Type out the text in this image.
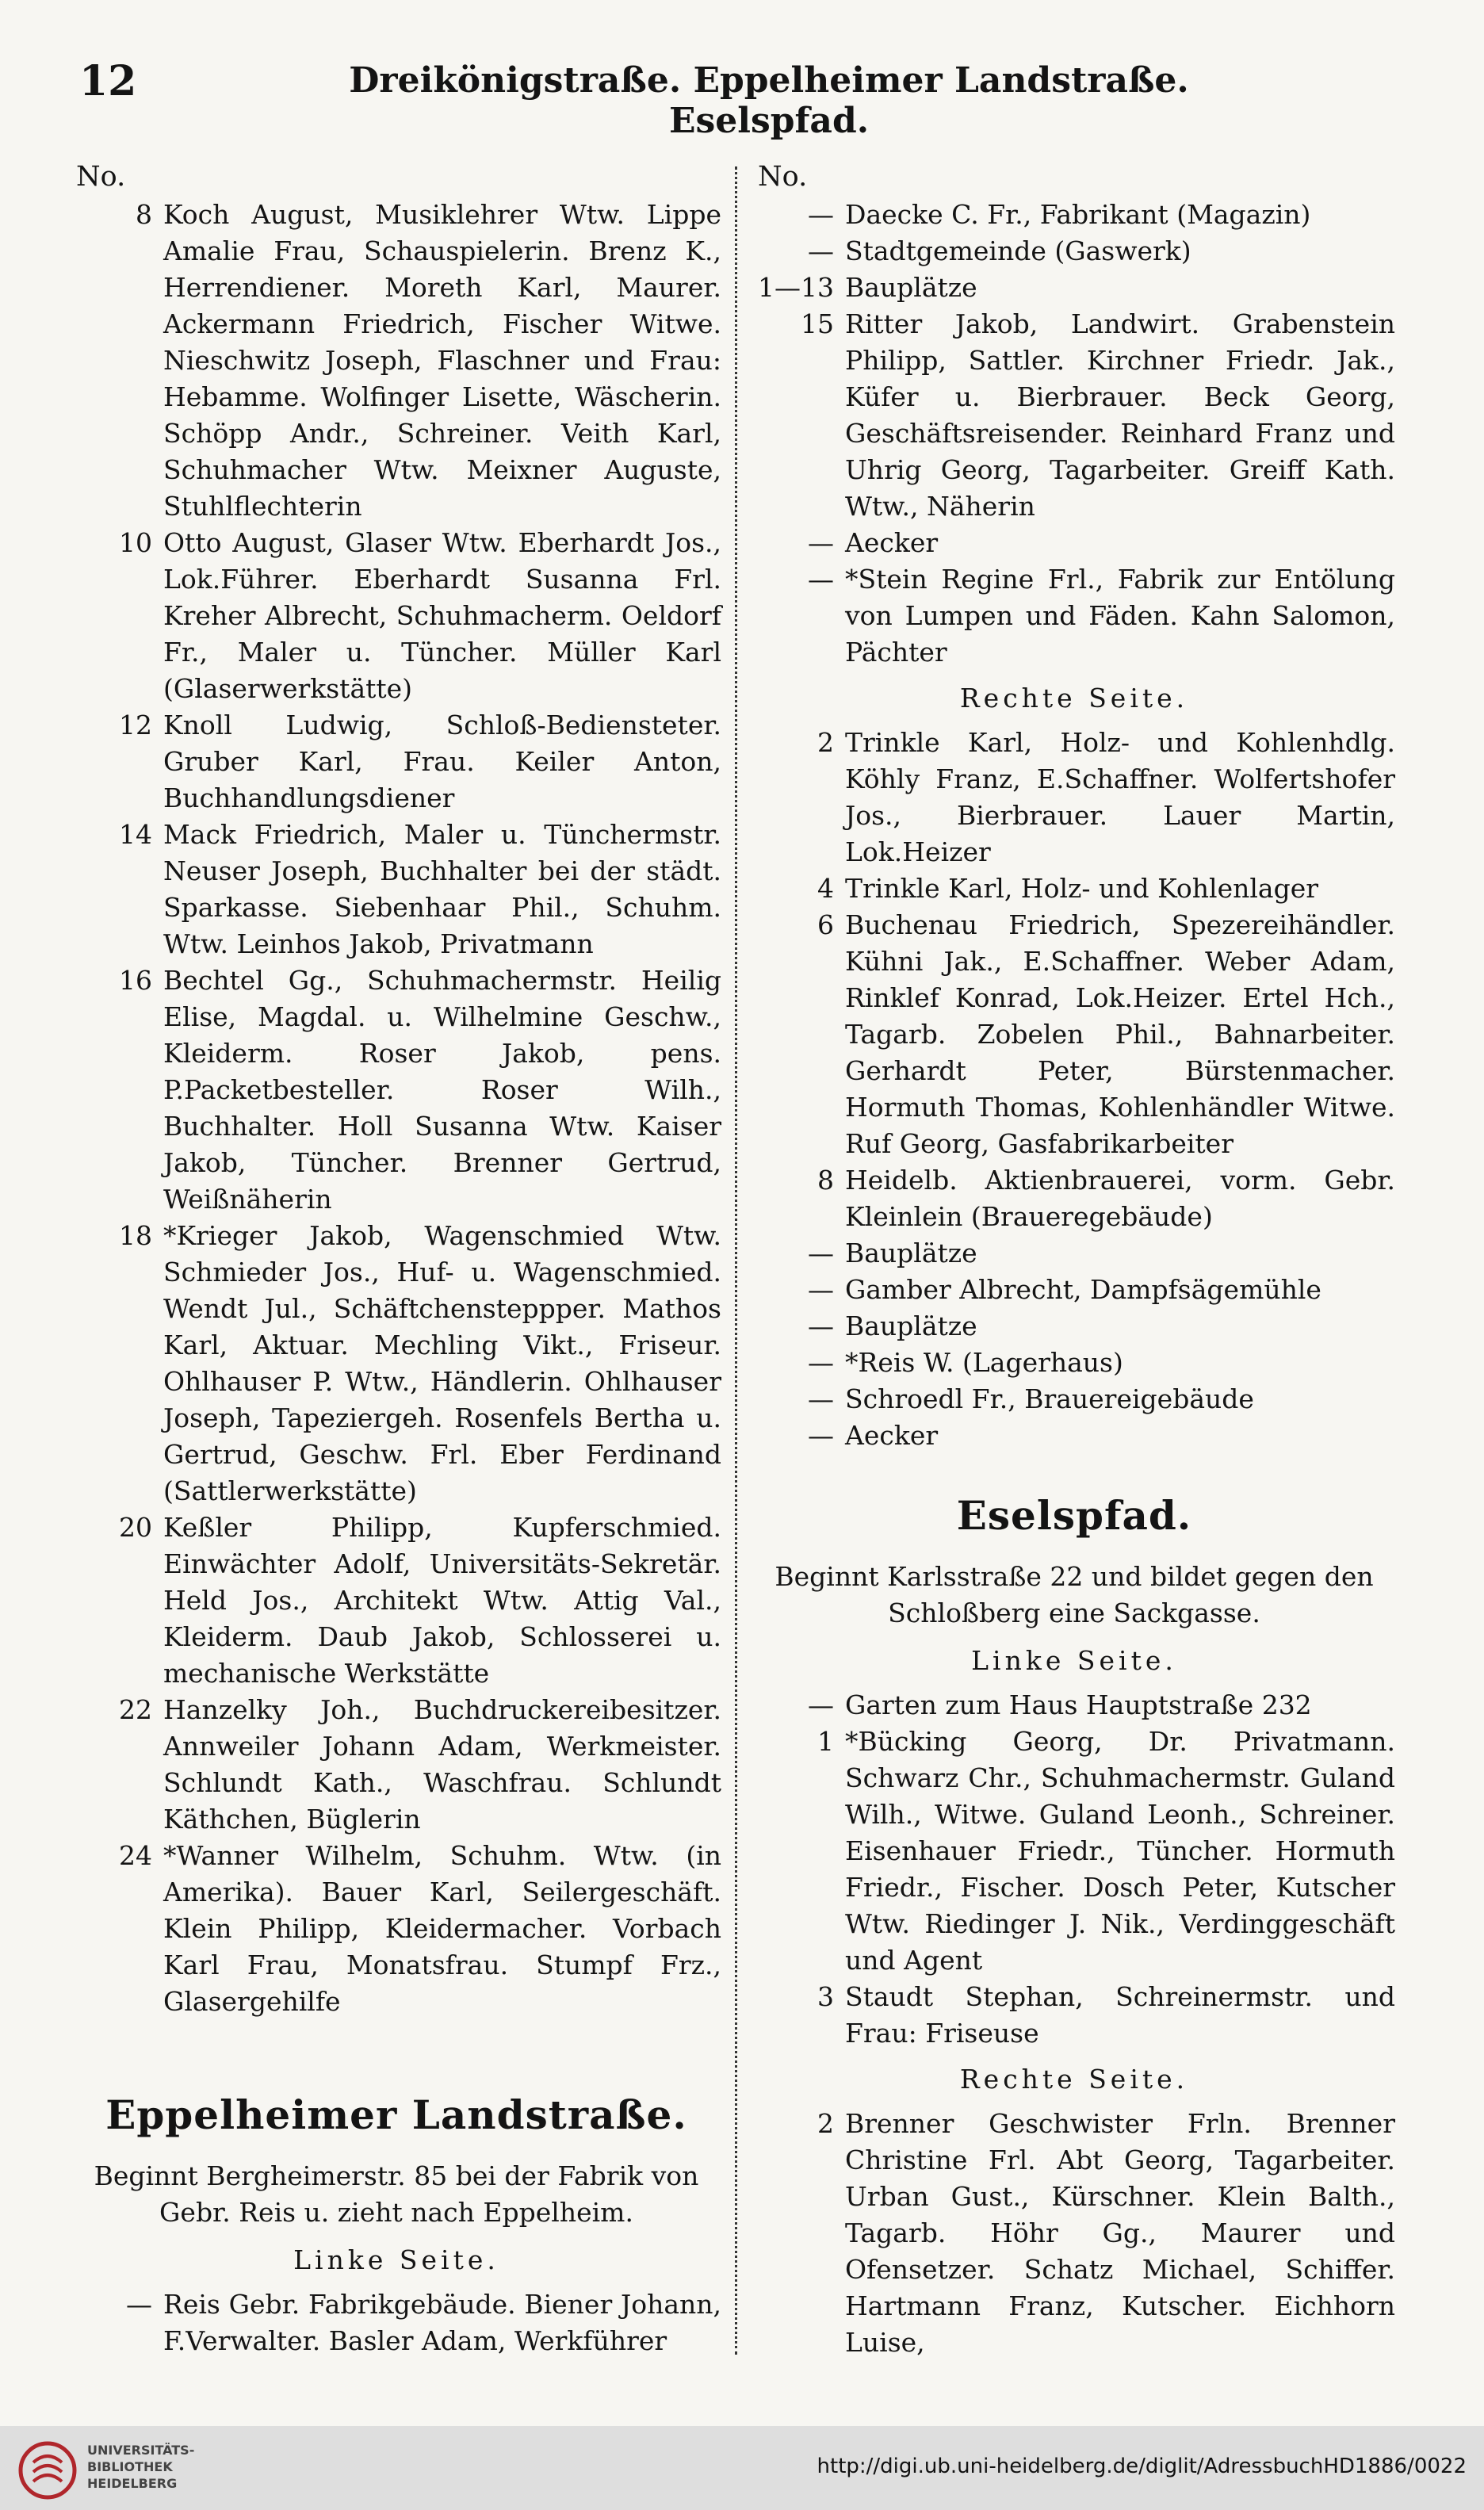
12	Dreikönigstraße. Eppelheimer Landstraße. Eselspfad.
No.
8 Koch August, Musiklehrer Wtw. Lippe Amalie Frau, Schauspielerin. Brenz K., Herrendiener. Moreth Karl, Maurer. Ackermann Friedrich, Fischer Witwe. Nieschwitz Joseph, Flaschner und Frau: Hebamme. Wolfinger Lisette, Wäscherin. Schöpp Andr., Schreiner. Veith Karl, Schuhmacher Wtw. Meixner Auguste, Stuhlflechterin
10 Otto August, Glaser Wtw. Eberhardt Jos., Lok.Führer. Eberhardt Susanna Frl. Kreher Albrecht, Schuhmacherm. Oeldorf Fr., Maler u. Tüncher. Müller Karl (Glaserwerkstätte)
12 Knoll Ludwig, Schloß-Bediensteter. Gruber Karl, Frau. Keiler Anton, Buchhandlungsdiener
14 Mack Friedrich, Maler u. Tünchermstr. Neuser Joseph, Buchhalter bei der städt. Sparkasse. Siebenhaar Phil., Schuhm. Wtw. Leinhos Jakob, Privatmann
16 Bechtel Gg., Schuhmachermstr. Heilig Elise, Magdal. u. Wilhelmine Geschw., Kleiderm. Roser Jakob, pens. P.Packetbesteller. Roser Wilh., Buchhalter. Holl Susanna Wtw. Kaiser Jakob, Tüncher. Brenner Gertrud, Weißnäherin
18 *Krieger Jakob, Wagenschmied Wtw. Schmieder Jos., Huf- u. Wagenschmied. Wendt Jul., Schäftchensteppper. Mathos Karl, Aktuar. Mechling Vikt., Friseur. Ohlhauser P. Wtw., Händlerin. Ohlhauser Joseph, Tapeziergeh. Rosenfels Bertha u. Gertrud, Geschw. Frl. Eber Ferdinand (Sattlerwerkstätte)
20 Keßler Philipp, Kupferschmied. Einwächter Adolf, Universitäts-Sekretär. Held Jos., Architekt Wtw. Attig Val., Kleiderm. Daub Jakob, Schlosserei u. mechanische Werkstätte
22 Hanzelky Joh., Buchdruckereibesitzer. Annweiler Johann Adam, Werkmeister. Schlundt Kath., Waschfrau. Schlundt Käthchen, Büglerin
24 *Wanner Wilhelm, Schuhm. Wtw. (in Amerika). Bauer Karl, Seilergeschäft. Klein Philipp, Kleidermacher. Vorbach Karl Frau, Monatsfrau. Stumpf Frz., Glasergehilfe
Eppelheimer Landstraße.
Beginnt Bergheimerstr. 85 bei der Fabrik von Gebr. Reis u. zieht nach Eppelheim.
Linke Seite.
— Reis Gebr. Fabrikgebäude. Biener Johann, F.Verwalter. Basler Adam, Werkführer
No.
— Daecke C. Fr., Fabrikant (Magazin)
— Stadtgemeinde (Gaswerk)
1—13 Bauplätze
15 Ritter Jakob, Landwirt. Grabenstein Philipp, Sattler. Kirchner Friedr. Jak., Küfer u. Bierbrauer. Beck Georg, Geschäftsreisender. Reinhard Franz und Uhrig Georg, Tagarbeiter. Greiff Kath. Wtw., Näherin
— Aecker
— *Stein Regine Frl., Fabrik zur Entölung von Lumpen und Fäden. Kahn Salomon, Pächter
Rechte Seite.
2 Trinkle Karl, Holz- und Kohlenhdlg. Köhly Franz, E.Schaffner. Wolfertshofer Jos., Bierbrauer. Lauer Martin, Lok.Heizer
4 Trinkle Karl, Holz- und Kohlenlager
6 Buchenau Friedrich, Spezereihändler. Kühni Jak., E.Schaffner. Weber Adam, Rinklef Konrad, Lok.Heizer. Ertel Hch., Tagarb. Zobelen Phil., Bahnarbeiter. Gerhardt Peter, Bürstenmacher. Hormuth Thomas, Kohlenhändler Witwe. Ruf Georg, Gasfabrikarbeiter
8 Heidelb. Aktienbrauerei, vorm. Gebr. Kleinlein (Braueregebäude)
— Bauplätze
— Gamber Albrecht, Dampfsägemühle
— Bauplätze
— *Reis W. (Lagerhaus)
— Schroedl Fr., Brauereigebäude
— Aecker
Eselspfad.
Beginnt Karlsstraße 22 und bildet gegen den Schloßberg eine Sackgasse.
Linke Seite.
— Garten zum Haus Hauptstraße 232
1 *Bücking Georg, Dr. Privatmann. Schwarz Chr., Schuhmachermstr. Guland Wilh., Witwe. Guland Leonh., Schreiner. Eisenhauer Friedr., Tüncher. Hormuth Friedr., Fischer. Dosch Peter, Kutscher Wtw. Riedinger J. Nik., Verdinggeschäft und Agent
3 Staudt Stephan, Schreinermstr. und Frau: Friseuse
Rechte Seite.
2 Brenner Geschwister Frln. Brenner Christine Frl. Abt Georg, Tagarbeiter. Urban Gust., Kürschner. Klein Balth., Tagarb. Höhr Gg., Maurer und Ofensetzer. Schatz Michael, Schiffer. Hartmann Franz, Kutscher. Eichhorn Luise,
UNIVERSITÄTS-
BIBLIOTHEK
HEIDELBERG
http://digi.ub.uni-heidelberg.de/diglit/AdressbuchHD1886/0022
